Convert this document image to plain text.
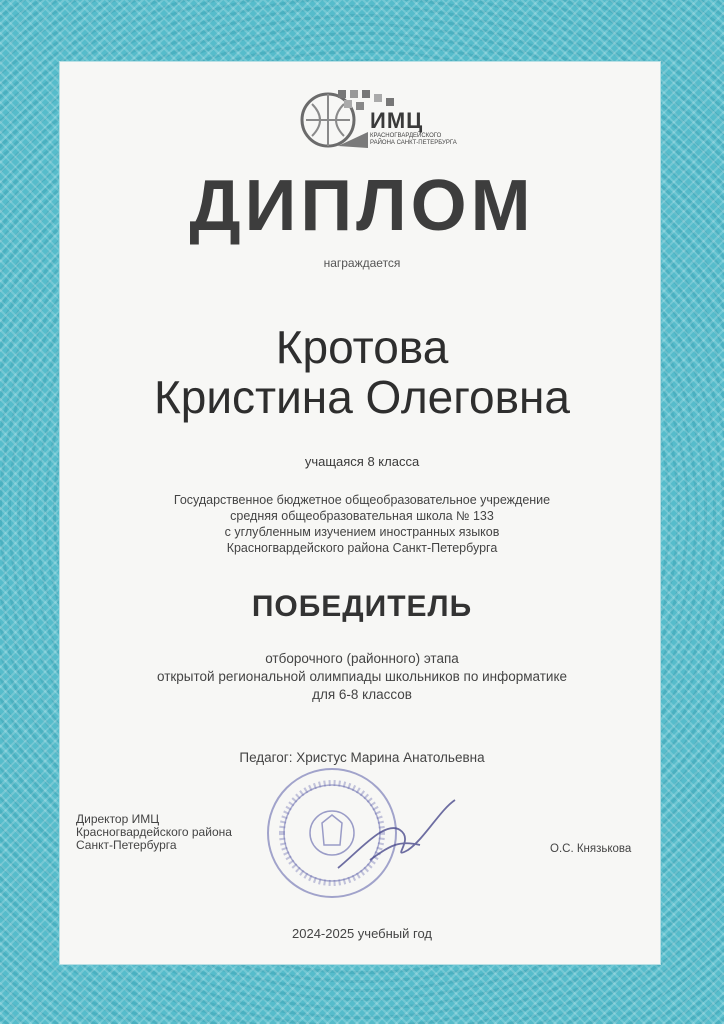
ИМЦ
КРАСНОГВАРДЕЙСКОГО РАЙОНА САНКТ-ПЕТЕРБУРГА
ДИПЛОМ
награждается
Кротова
Кристина Олеговна
учащаяся 8 класса
Государственное бюджетное общеобразовательное учреждение
средняя общеобразовательная школа № 133
с углубленным изучением иностранных языков
Красногвардейского района Санкт-Петербурга
ПОБЕДИТЕЛЬ
отборочного (районного) этапа
открытой региональной олимпиады школьников по информатике
для 6-8 классов
Педагог: Христус Марина Анатольевна
Директор ИМЦ
Красногвардейского района
Санкт-Петербурга	О.С. Князькова
2024-2025 учебный год
